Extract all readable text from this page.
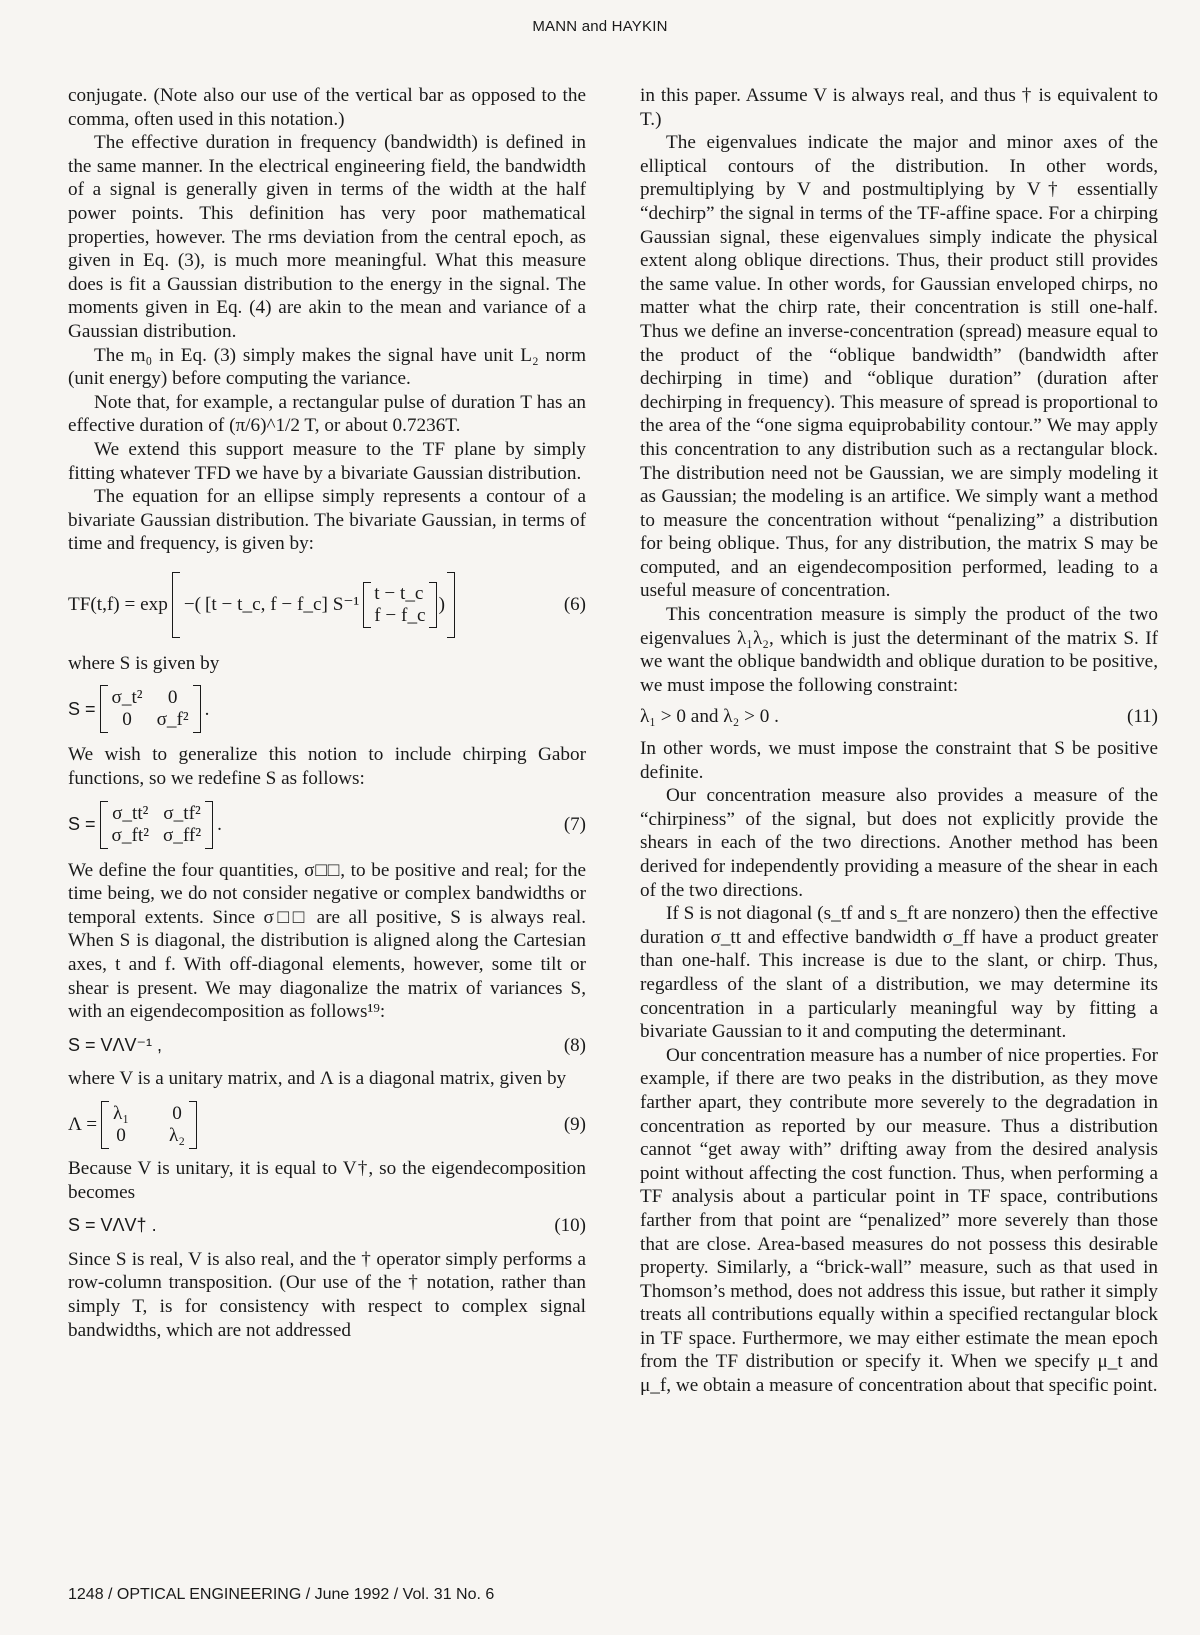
MANN and HAYKIN

conjugate. (Note also our use of the vertical bar as opposed to the comma, often used in this notation.)

The effective duration in frequency (bandwidth) is defined in the same manner. In the electrical engineering field, the bandwidth of a signal is generally given in terms of the width at the half power points. This definition has very poor mathematical properties, however. The rms deviation from the central epoch, as given in Eq. (3), is much more meaningful. What this measure does is fit a Gaussian distribution to the energy in the signal. The moments given in Eq. (4) are akin to the mean and variance of a Gaussian distribution.

The m₀ in Eq. (3) simply makes the signal have unit L₂ norm (unit energy) before computing the variance.

Note that, for example, a rectangular pulse of duration T has an effective duration of (π/6)^1/2 T, or about 0.7236T.

We extend this support measure to the TF plane by simply fitting whatever TFD we have by a bivariate Gaussian distribution.

The equation for an ellipse simply represents a contour of a bivariate Gaussian distribution. The bivariate Gaussian, in terms of time and frequency, is given by:

TF(t,f) = exp −( [t − t_c, f − f_c] S⁻¹
t − t_c
f − f_c
)	(6)

where S is given by

S =
σ_t²	0
0	σ_f²
.

We wish to generalize this notion to include chirping Gabor functions, so we redefine S as follows:

S =
σ_tt² σ_tf²
σ_ft² σ_ff²
.	(7)

We define the four quantities, σ□□, to be positive and real; for the time being, we do not consider negative or complex bandwidths or temporal extents. Since σ□□ are all positive, S is always real. When S is diagonal, the distribution is aligned along the Cartesian axes, t and f. With off-diagonal elements, however, some tilt or shear is present. We may diagonalize the matrix of variances S, with an eigendecomposition as follows¹⁹:

S = VΛV⁻¹ ,	(8)

where V is a unitary matrix, and Λ is a diagonal matrix, given by

Λ =
λ₁ 0
0 λ₂
(9)

Because V is unitary, it is equal to V†, so the eigendecomposition becomes

S = VΛV† .	(10)

Since S is real, V is also real, and the † operator simply performs a row-column transposition. (Our use of the † notation, rather than simply T, is for consistency with respect to complex signal bandwidths, which are not addressed

in this paper. Assume V is always real, and thus † is equivalent to T.)

The eigenvalues indicate the major and minor axes of the elliptical contours of the distribution. In other words, premultiplying by V and postmultiplying by V† essentially “dechirp” the signal in terms of the TF-affine space. For a chirping Gaussian signal, these eigenvalues simply indicate the physical extent along oblique directions. Thus, their product still provides the same value. In other words, for Gaussian enveloped chirps, no matter what the chirp rate, their concentration is still one-half. Thus we define an inverse-concentration (spread) measure equal to the product of the “oblique bandwidth” (bandwidth after dechirping in time) and “oblique duration” (duration after dechirping in frequency). This measure of spread is proportional to the area of the “one sigma equiprobability contour.” We may apply this concentration to any distribution such as a rectangular block. The distribution need not be Gaussian, we are simply modeling it as Gaussian; the modeling is an artifice. We simply want a method to measure the concentration without “penalizing” a distribution for being oblique. Thus, for any distribution, the matrix S may be computed, and an eigendecomposition performed, leading to a useful measure of concentration.

This concentration measure is simply the product of the two eigenvalues λ₁λ₂, which is just the determinant of the matrix S. If we want the oblique bandwidth and oblique duration to be positive, we must impose the following constraint:

λ₁ > 0 and λ₂ > 0 .	(11)

In other words, we must impose the constraint that S be positive definite.

Our concentration measure also provides a measure of the “chirpiness” of the signal, but does not explicitly provide the shears in each of the two directions. Another method has been derived for independently providing a measure of the shear in each of the two directions.

If S is not diagonal (s_tf and s_ft are nonzero) then the effective duration σ_tt and effective bandwidth σ_ff have a product greater than one-half. This increase is due to the slant, or chirp. Thus, regardless of the slant of a distribution, we may determine its concentration in a particularly meaningful way by fitting a bivariate Gaussian to it and computing the determinant.

Our concentration measure has a number of nice properties. For example, if there are two peaks in the distribution, as they move farther apart, they contribute more severely to the degradation in concentration as reported by our measure. Thus a distribution cannot “get away with” drifting away from the desired analysis point without affecting the cost function. Thus, when performing a TF analysis about a particular point in TF space, contributions farther from that point are “penalized” more severely than those that are close. Area-based measures do not possess this desirable property. Similarly, a “brick-wall” measure, such as that used in Thomson’s method, does not address this issue, but rather it simply treats all contributions equally within a specified rectangular block in TF space. Furthermore, we may either estimate the mean epoch from the TF distribution or specify it. When we specify μ_t and μ_f, we obtain a measure of concentration about that specific point.

1248 / OPTICAL ENGINEERING / June 1992 / Vol. 31 No. 6
